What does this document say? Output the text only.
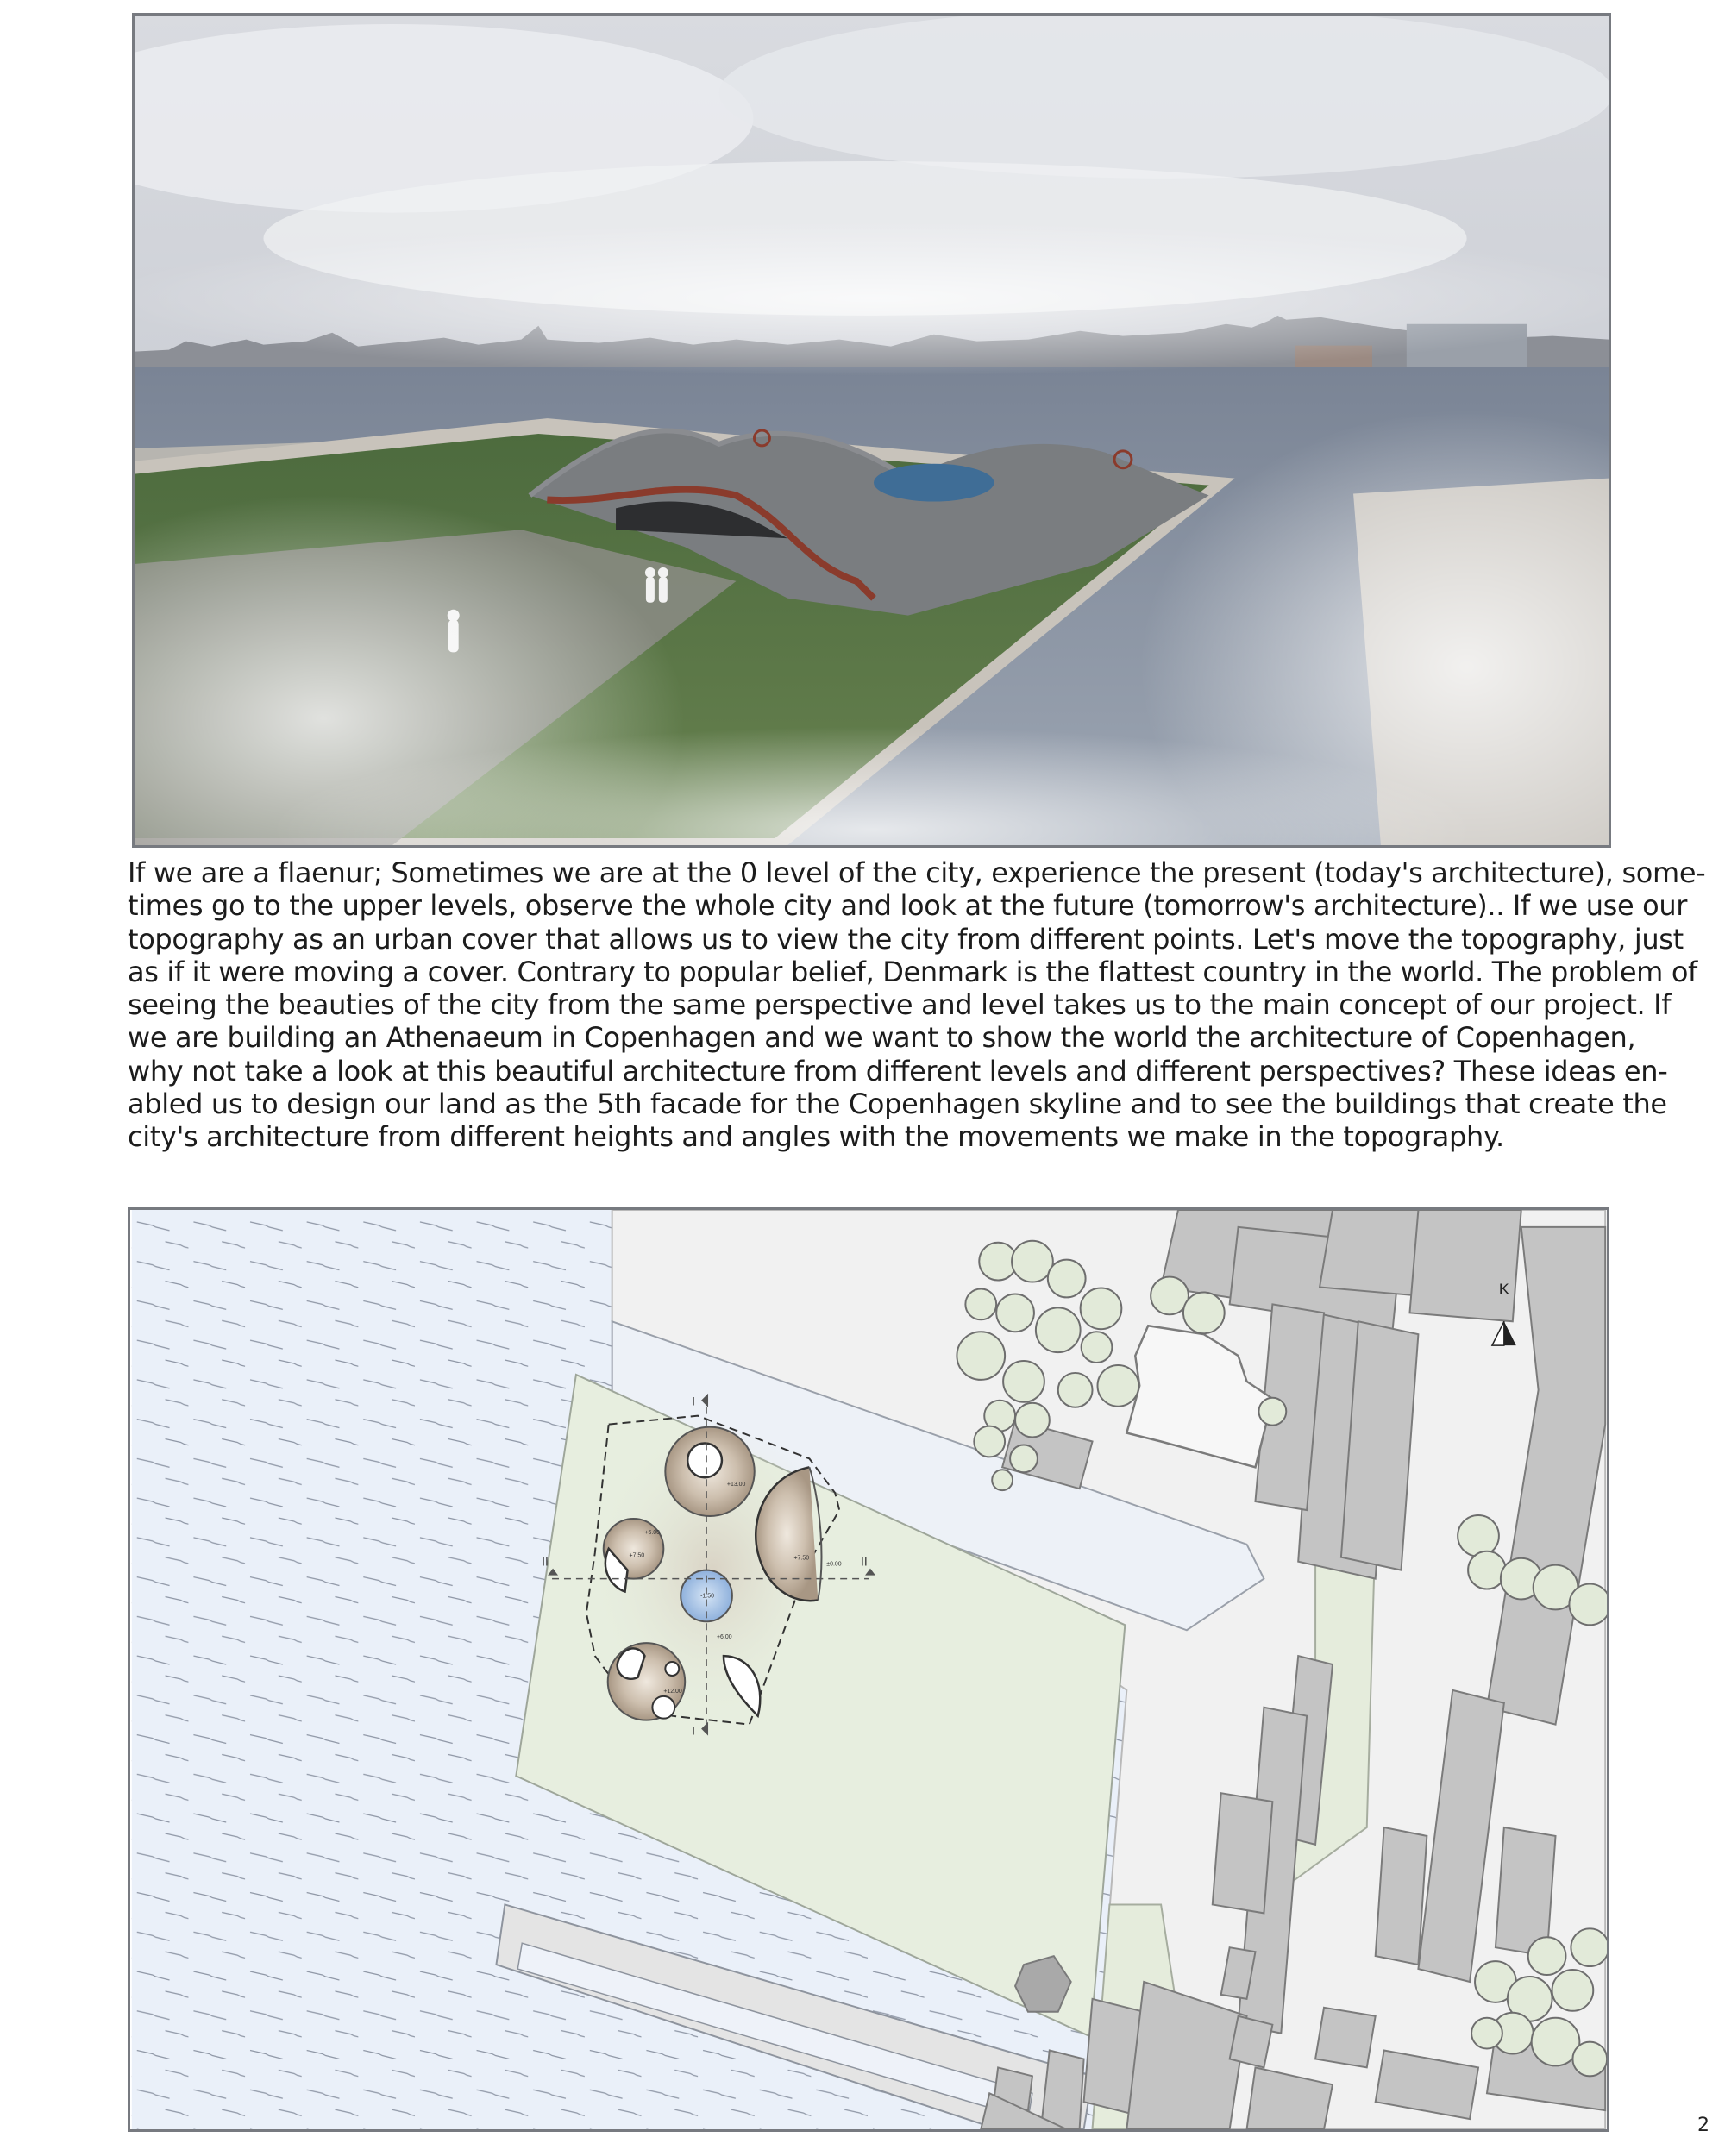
If we are a flaenur; Sometimes we are at the 0 level of the city, experience the present (today's architecture), some-
times go to the upper levels, observe the whole city and look at the future (tomorrow's architecture).. If we use our
topography as an urban cover that allows us to view the city from different points. Let's move the topography, just
as if it were moving a cover. Contrary to popular belief, Denmark is the flattest country in the world. The problem of
seeing the beauties of the city from the same perspective and level takes us to the main concept of our project. If
we are building an Athenaeum in Copenhagen and we want to show the world the architecture of Copenhagen,
why not take a look at this beautiful architecture from different levels and different perspectives? These ideas en-
abled us to design our land as the 5th facade for the Copenhagen skyline and to see the buildings that create the
city's architecture from different heights and angles with the movements we make in the topography.

I
I
II	II
+13.00
+6.00
+7.50	+7.50
±0.00
-1.50
+6.00
+12.00
K
2
